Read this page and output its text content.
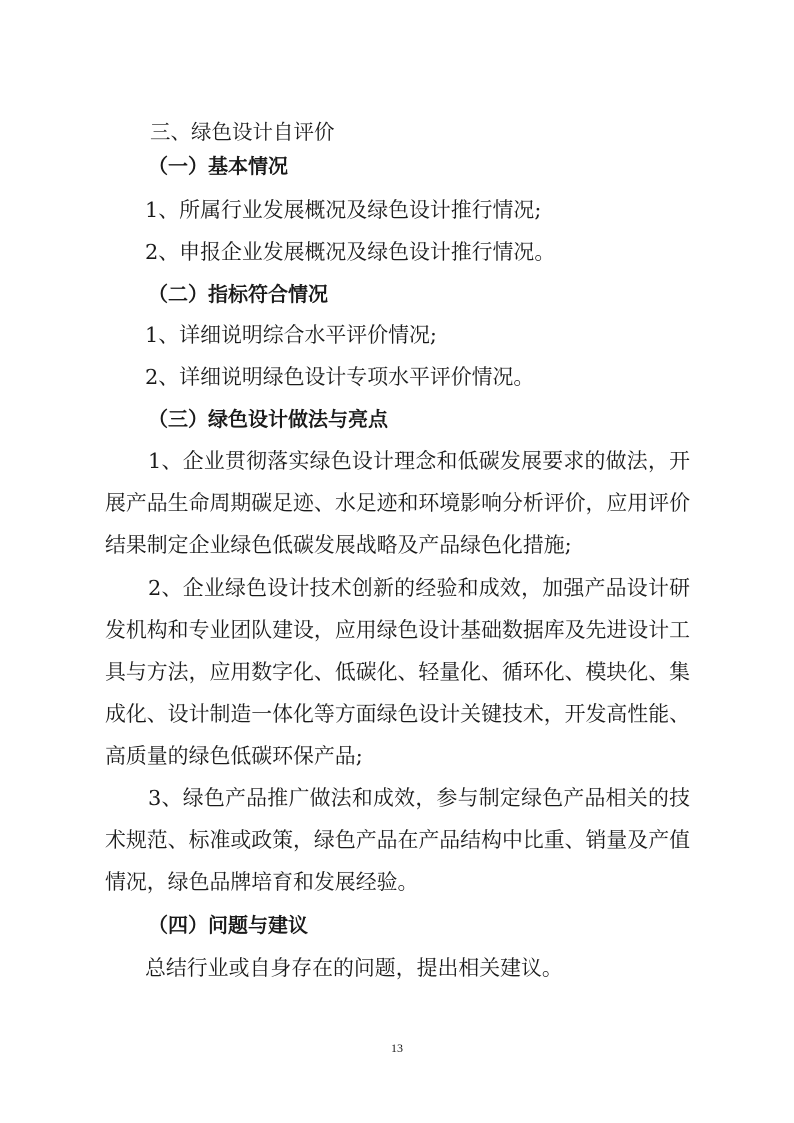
三、绿色设计自评价
（一）基本情况
1、所属行业发展概况及绿色设计推行情况;
2、申报企业发展概况及绿色设计推行情况。
（二）指标符合情况
1、详细说明综合水平评价情况;
2、详细说明绿色设计专项水平评价情况。
（三）绿色设计做法与亮点
1、企业贯彻落实绿色设计理念和低碳发展要求的做法，开
展产品生命周期碳足迹、水足迹和环境影响分析评价，应用评价
结果制定企业绿色低碳发展战略及产品绿色化措施;
2、企业绿色设计技术创新的经验和成效，加强产品设计研
发机构和专业团队建设，应用绿色设计基础数据库及先进设计工
具与方法，应用数字化、低碳化、轻量化、循环化、模块化、集
成化、设计制造一体化等方面绿色设计关键技术，开发高性能、
高质量的绿色低碳环保产品;
3、绿色产品推广做法和成效，参与制定绿色产品相关的技
术规范、标准或政策，绿色产品在产品结构中比重、销量及产值
情况，绿色品牌培育和发展经验。
（四）问题与建议
总结行业或自身存在的问题，提出相关建议。
13
